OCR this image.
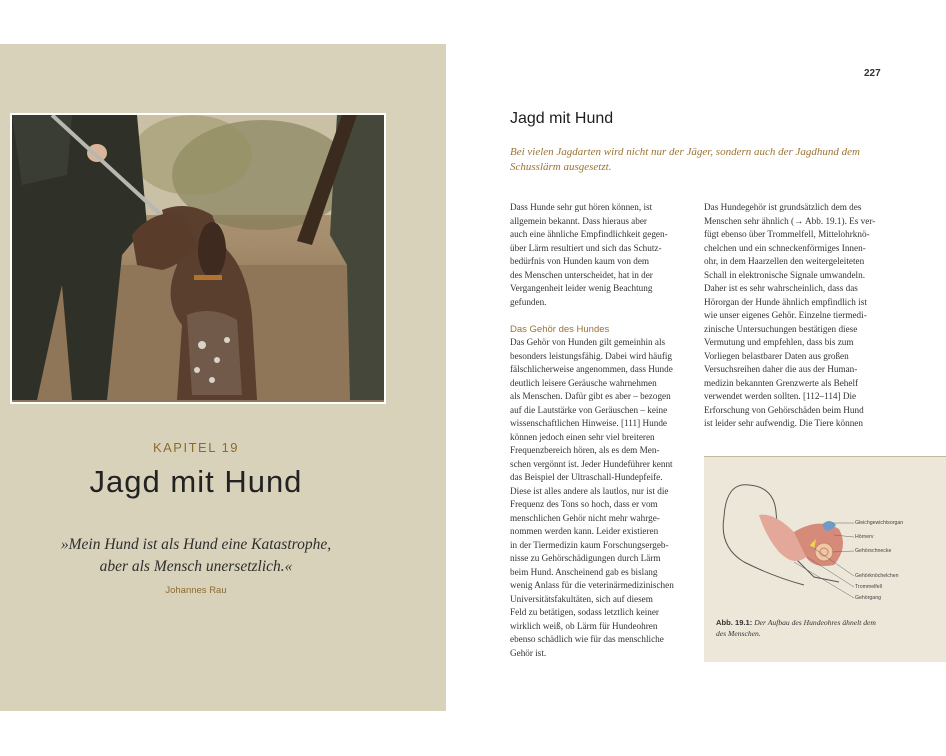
KAPITEL 19
Jagd mit Hund
»Mein Hund ist als Hund eine Katastrophe,
aber als Mensch unersetzlich.«
Johannes Rau
227
Jagd mit Hund
Bei vielen Jagdarten wird nicht nur der Jäger, sondern auch der Jagdhund dem
Schusslärm ausgesetzt.

Dass Hunde sehr gut hören können, ist

allgemein bekannt. Dass hieraus aber

auch eine ähnliche Empfindlichkeit gegen-

über Lärm resultiert und sich das Schutz-

bedürfnis von Hunden kaum von dem

des Menschen unterscheidet, hat in der

Vergangenheit leider wenig Beachtung

gefunden.

Das Gehör des Hundes

Das Gehör von Hunden gilt gemeinhin als

besonders leistungsfähig. Dabei wird häufig

fälschlicherweise angenommen, dass Hunde

deutlich leisere Geräusche wahrnehmen

als Menschen. Dafür gibt es aber – bezogen

auf die Lautstärke von Geräuschen – keine

wissenschaftlichen Hinweise. [111] Hunde

können jedoch einen sehr viel breiteren

Frequenzbereich hören, als es dem Men-

schen vergönnt ist. Jeder Hundeführer kennt

das Beispiel der Ultraschall-Hundepfeife.

Diese ist alles andere als lautlos, nur ist die

Frequenz des Tons so hoch, dass er vom

menschlichen Gehör nicht mehr wahrge-

nommen werden kann. Leider existieren

in der Tiermedizin kaum Forschungsergeb-

nisse zu Gehörschädigungen durch Lärm

beim Hund. Anscheinend gab es bislang

wenig Anlass für die veterinärmedizinischen

Universitätsfakultäten, sich auf diesem

Feld zu betätigen, sodass letztlich keiner

wirklich weiß, ob Lärm für Hundeohren

ebenso schädlich wie für das menschliche

Gehör ist.

Das Hundegehör ist grundsätzlich dem des

Menschen sehr ähnlich (→ Abb. 19.1). Es ver-

fügt ebenso über Trommelfell, Mittelohrknö-

chelchen und ein schneckenförmiges Innen-

ohr, in dem Haarzellen den weitergeleiteten

Schall in elektronische Signale umwandeln.

Daher ist es sehr wahrscheinlich, dass das

Hörorgan der Hunde ähnlich empfindlich ist

wie unser eigenes Gehör. Einzelne tiermedi-

zinische Untersuchungen bestätigen diese

Vermutung und empfehlen, dass bis zum

Vorliegen belastbarer Daten aus großen

Versuchsreihen daher die aus der Human-

medizin bekannten Grenzwerte als Behelf

verwendet werden sollten. [112–114] Die

Erforschung von Gehörschäden beim Hund

ist leider sehr aufwendig. Die Tiere können

Gleichgewichtsorgan
Hörnerv
Gehörschnecke
Gehörknöchelchen
Trommelfell
Gehörgang
Abb. 19.1: Der Aufbau des Hundeohres ähnelt dem
des Menschen.
